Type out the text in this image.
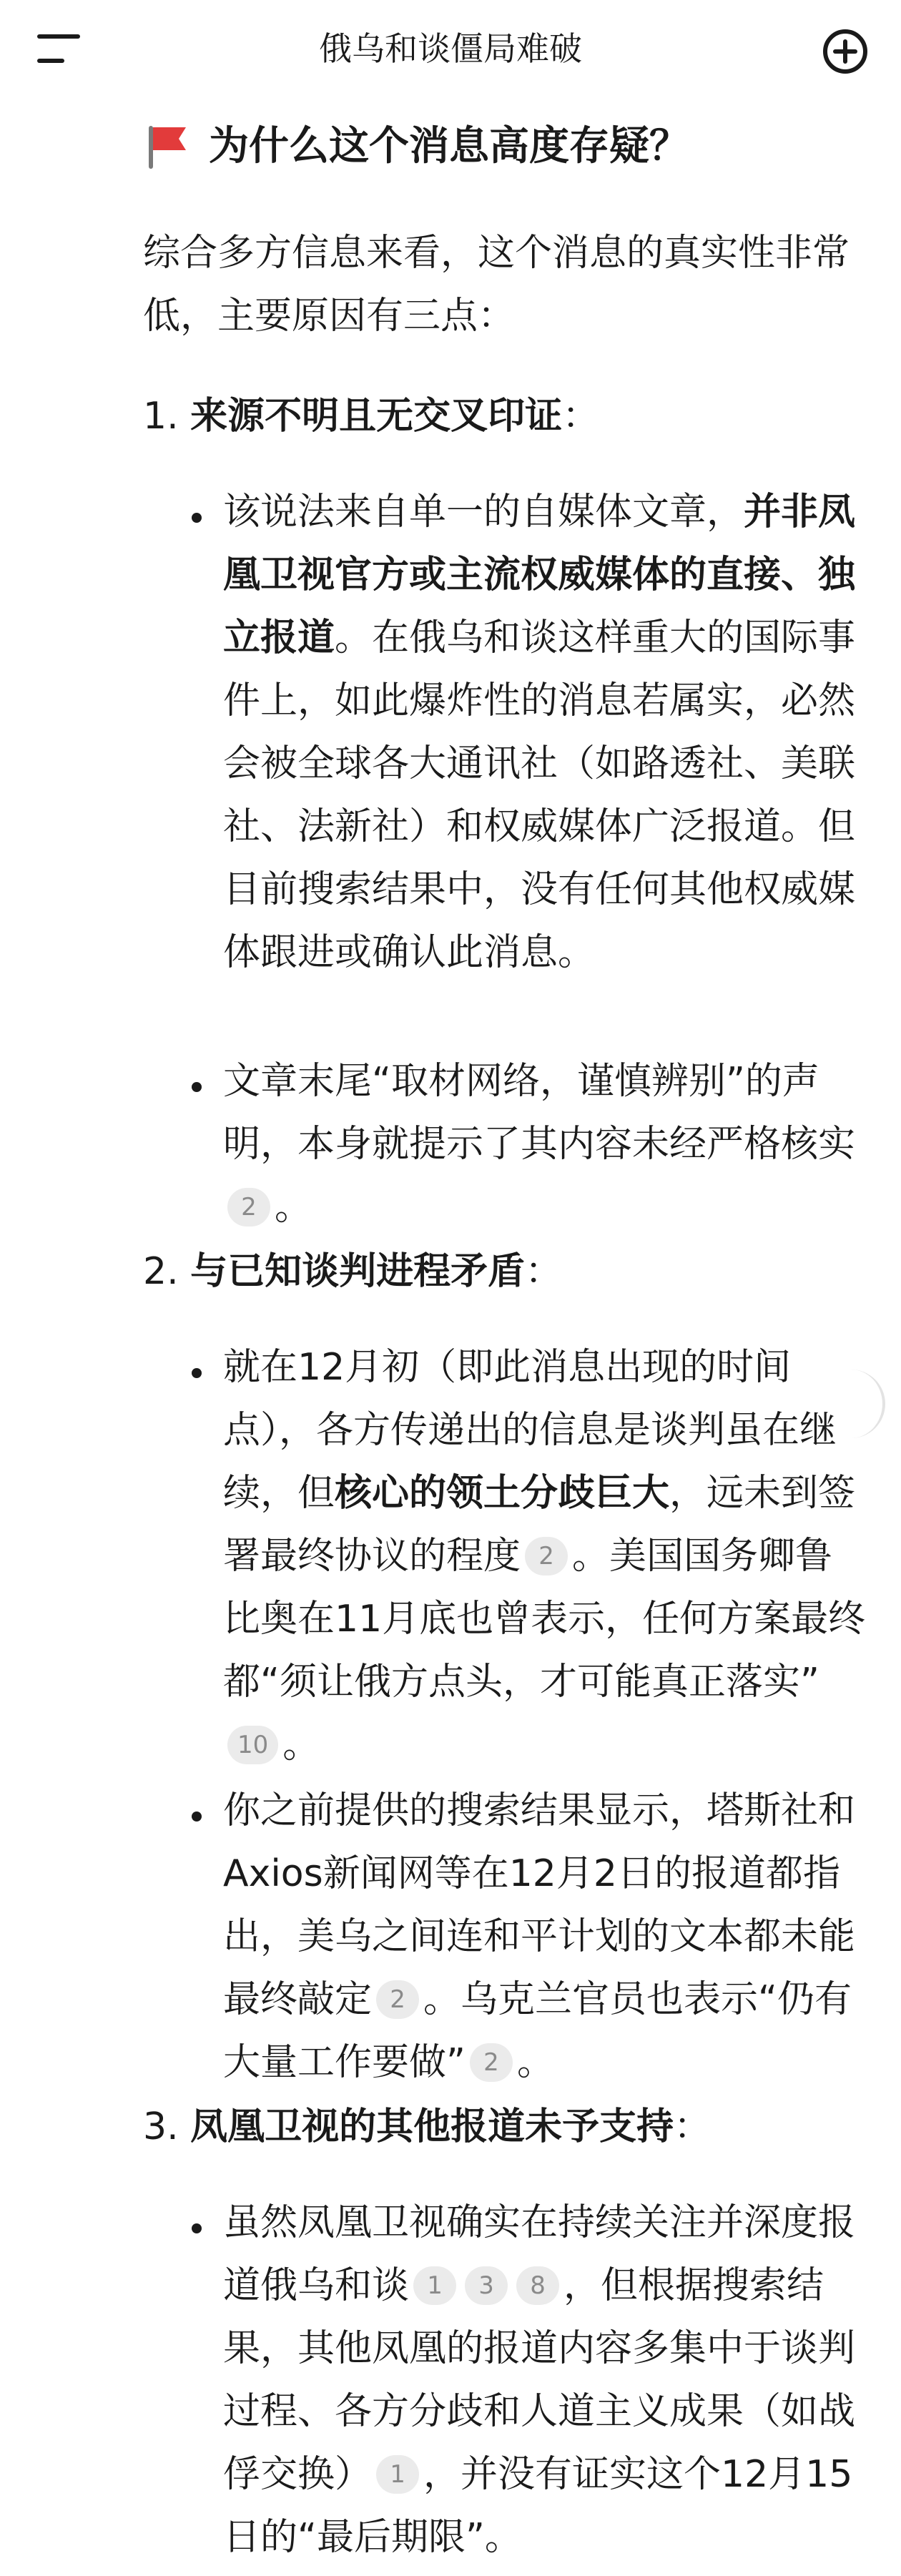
俄乌和谈僵局难破
为什么这个消息高度存疑？

综合多方信息来看，这个消息的真实性非常低，主要原因有三点：

1. 来源不明且无交叉印证：

该说法来自单一的自媒体文章，并非凤凰卫视官方或主流权威媒体的直接、独立报道。在俄乌和谈这样重大的国际事件上，如此爆炸性的消息若属实，必然会被全球各大通讯社（如路透社、美联社、法新社）和权威媒体广泛报道。但目前搜索结果中，没有任何其他权威媒体跟进或确认此消息。

文章末尾“取材网络，谨慎辨别”的声明，本身就提示了其内容未经严格核实2 。

2. 与已知谈判进程矛盾：

就在12月初（即此消息出现的时间点），各方传递出的信息是谈判虽在继续，但核心的领土分歧巨大，远未到签署最终协议的程度 2 。美国国务卿鲁比奥在11月底也曾表示，任何方案最终都“须让俄方点头，才可能真正落实”10 。

你之前提供的搜索结果显示，塔斯社和Axios新闻网等在12月2日的报道都指出，美乌之间连和平计划的文本都未能最终敲定 2 。乌克兰官员也表示“仍有大量工作要做” 2 。

3. 凤凰卫视的其他报道未予支持：

虽然凤凰卫视确实在持续关注并深度报道俄乌和谈 1 3 8 ，但根据搜索结果，其他凤凰的报道内容多集中于谈判过程、各方分歧和人道主义成果（如战俘交换） 1 ，并没有证实这个12月15日的“最后期限”。
